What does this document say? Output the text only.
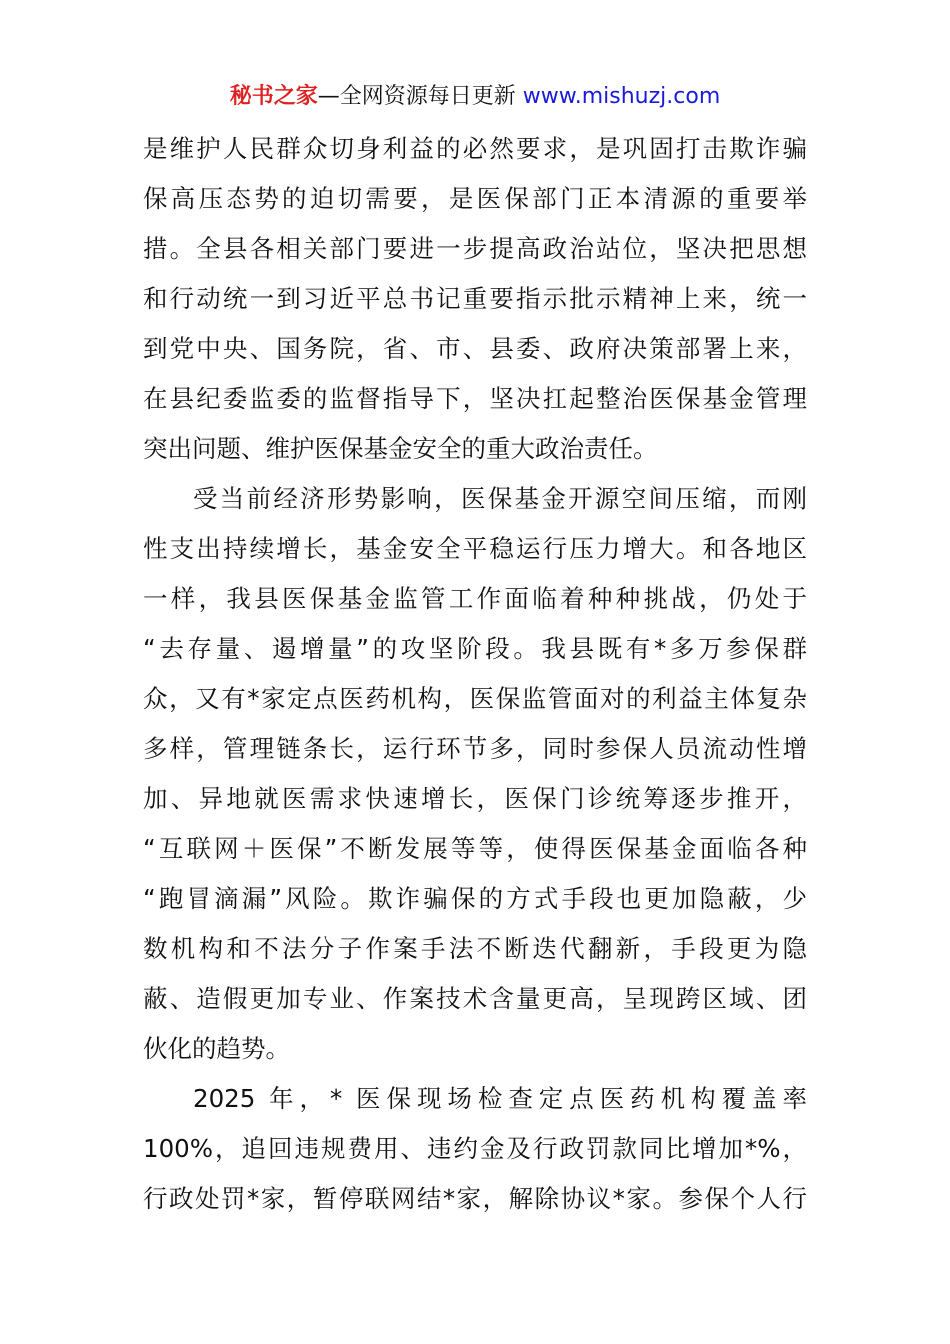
秘书之家—全网资源每日更新 www.mishuzj.com
是维护人民群众切身利益的必然要求，是巩固打击欺诈骗
保高压态势的迫切需要，是医保部门正本清源的重要举
措。全县各相关部门要进一步提高政治站位，坚决把思想
和行动统一到习近平总书记重要指示批示精神上来，统一
到党中央、国务院，省、市、县委、政府决策部署上来，
在县纪委监委的监督指导下，坚决扛起整治医保基金管理
突出问题、维护医保基金安全的重大政治责任。
受当前经济形势影响，医保基金开源空间压缩，而刚
性支出持续增长，基金安全平稳运行压力增大。和各地区
一样，我县医保基金监管工作面临着种种挑战，仍处于
“去存量、遏增量”的攻坚阶段。我县既有*多万参保群
众，又有*家定点医药机构，医保监管面对的利益主体复杂
多样，管理链条长，运行环节多，同时参保人员流动性增
加、异地就医需求快速增长，医保门诊统筹逐步推开，
“互联网＋医保”不断发展等等，使得医保基金面临各种
“跑冒滴漏”风险。欺诈骗保的方式手段也更加隐蔽，少
数机构和不法分子作案手法不断迭代翻新，手段更为隐
蔽、造假更加专业、作案技术含量更高，呈现跨区域、团
伙化的趋势。
2025 年，* 医保现场检查定点医药机构覆盖率
100%，追回违规费用、违约金及行政罚款同比增加*%，
行政处罚*家，暂停联网结*家，解除协议*家。参保个人行
